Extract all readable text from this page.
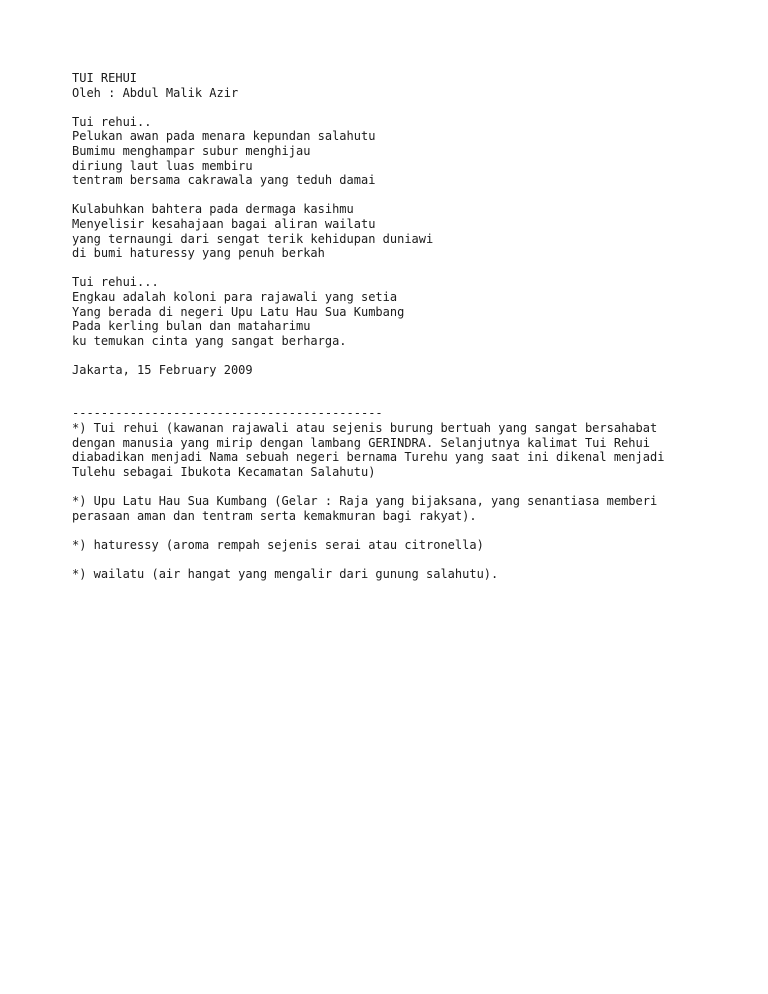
TUI REHUI
Oleh : Abdul Malik Azir
Tui rehui..
Pelukan awan pada menara kepundan salahutu
Bumimu menghampar subur menghijau
diriung laut luas membiru
tentram bersama cakrawala yang teduh damai
Kulabuhkan bahtera pada dermaga kasihmu
Menyelisir kesahajaan bagai aliran wailatu
yang ternaungi dari sengat terik kehidupan duniawi
di bumi haturessy yang penuh berkah
Tui rehui...
Engkau adalah koloni para rajawali yang setia
Yang berada di negeri Upu Latu Hau Sua Kumbang
Pada kerling bulan dan mataharimu
ku temukan cinta yang sangat berharga.
Jakarta, 15 February 2009
-------------------------------------------
*) Tui rehui (kawanan rajawali atau sejenis burung bertuah yang sangat bersahabat
dengan manusia yang mirip dengan lambang GERINDRA. Selanjutnya kalimat Tui Rehui
diabadikan menjadi Nama sebuah negeri bernama Turehu yang saat ini dikenal menjadi
Tulehu sebagai Ibukota Kecamatan Salahutu)
*) Upu Latu Hau Sua Kumbang (Gelar : Raja yang bijaksana, yang senantiasa memberi
perasaan aman dan tentram serta kemakmuran bagi rakyat).
*) haturessy (aroma rempah sejenis serai atau citronella)
*) wailatu (air hangat yang mengalir dari gunung salahutu).
